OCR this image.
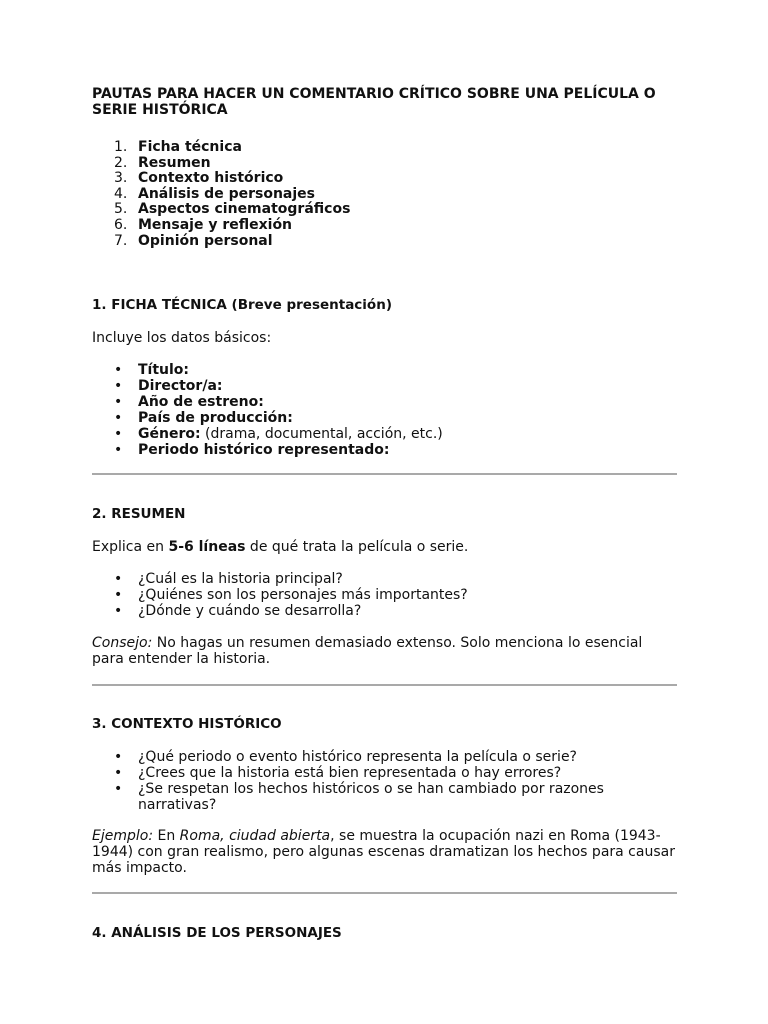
PAUTAS PARA HACER UN COMENTARIO CRÍTICO SOBRE UNA PELÍCULA O SERIE HISTÓRICA
1. Ficha técnica
2. Resumen
3. Contexto histórico
4. Análisis de personajes
5. Aspectos cinematográficos
6. Mensaje y reflexión
7. Opinión personal
1. FICHA TÉCNICA (Breve presentación)

Incluye los datos básicos:

• Título:
• Director/a:
• Año de estreno:
• País de producción:
• Género: (drama, documental, acción, etc.)
• Periodo histórico representado:
2. RESUMEN

Explica en 5-6 líneas de qué trata la película o serie.

• ¿Cuál es la historia principal?
• ¿Quiénes son los personajes más importantes?
• ¿Dónde y cuándo se desarrolla?

Consejo: No hagas un resumen demasiado extenso. Solo menciona lo esencial para entender la historia.

3. CONTEXTO HISTÓRICO
• ¿Qué periodo o evento histórico representa la película o serie?
• ¿Crees que la historia está bien representada o hay errores?
• ¿Se respetan los hechos históricos o se han cambiado por razones narrativas?

Ejemplo: En Roma, ciudad abierta, se muestra la ocupación nazi en Roma (1943-1944) con gran realismo, pero algunas escenas dramatizan los hechos para causar más impacto.

4. ANÁLISIS DE LOS PERSONAJES
